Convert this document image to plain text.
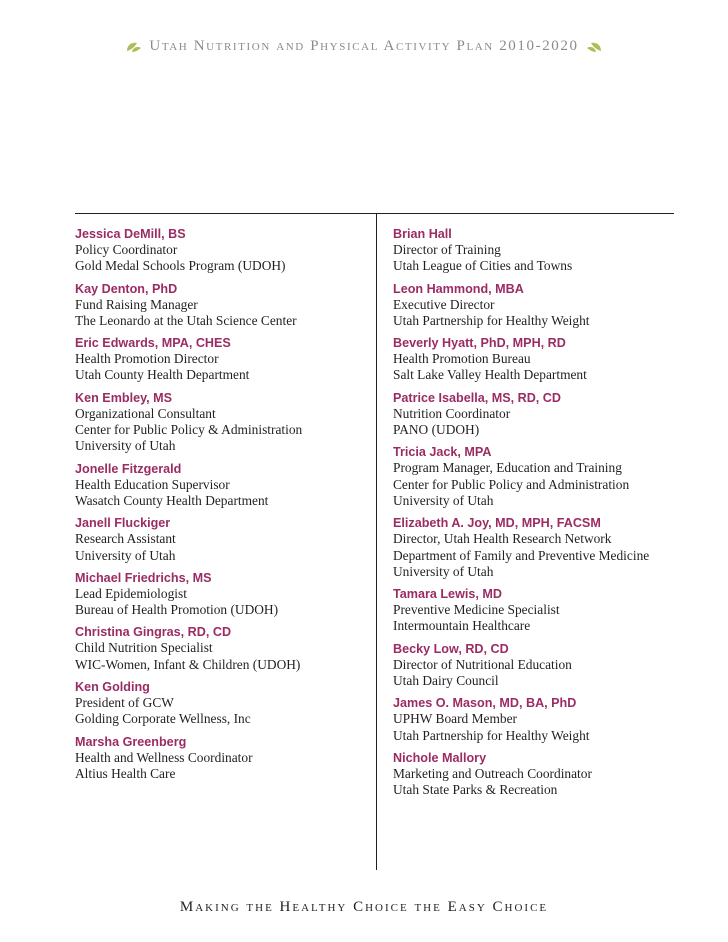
Utah Nutrition and Physical Activity Plan 2010-2020
Jessica DeMill, BS
Policy Coordinator
Gold Medal Schools Program (UDOH)
Kay Denton, PhD
Fund Raising Manager
The Leonardo at the Utah Science Center
Eric Edwards, MPA, CHES
Health Promotion Director
Utah County Health Department
Ken Embley, MS
Organizational Consultant
Center for Public Policy & Administration
University of Utah
Jonelle Fitzgerald
Health Education Supervisor
Wasatch County Health Department
Janell Fluckiger
Research Assistant
University of Utah
Michael Friedrichs, MS
Lead Epidemiologist
Bureau of Health Promotion (UDOH)
Christina Gingras, RD, CD
Child Nutrition Specialist
WIC-Women, Infant & Children (UDOH)
Ken Golding
President of GCW
Golding Corporate Wellness, Inc
Marsha Greenberg
Health and Wellness Coordinator
Altius Health Care
Brian Hall
Director of Training
Utah League of Cities and Towns
Leon Hammond, MBA
Executive Director
Utah Partnership for Healthy Weight
Beverly Hyatt, PhD, MPH, RD
Health Promotion Bureau
Salt Lake Valley Health Department
Patrice Isabella, MS, RD, CD
Nutrition Coordinator
PANO (UDOH)
Tricia Jack, MPA
Program Manager, Education and Training
Center for Public Policy and Administration
University of Utah
Elizabeth A. Joy, MD, MPH, FACSM
Director, Utah Health Research Network
Department of Family and Preventive Medicine
University of Utah
Tamara Lewis, MD
Preventive Medicine Specialist
Intermountain Healthcare
Becky Low, RD, CD
Director of Nutritional Education
Utah Dairy Council
James O. Mason, MD, BA, PhD
UPHW Board Member
Utah Partnership for Healthy Weight
Nichole Mallory
Marketing and Outreach Coordinator
Utah State Parks & Recreation
Making the Healthy Choice the Easy Choice
